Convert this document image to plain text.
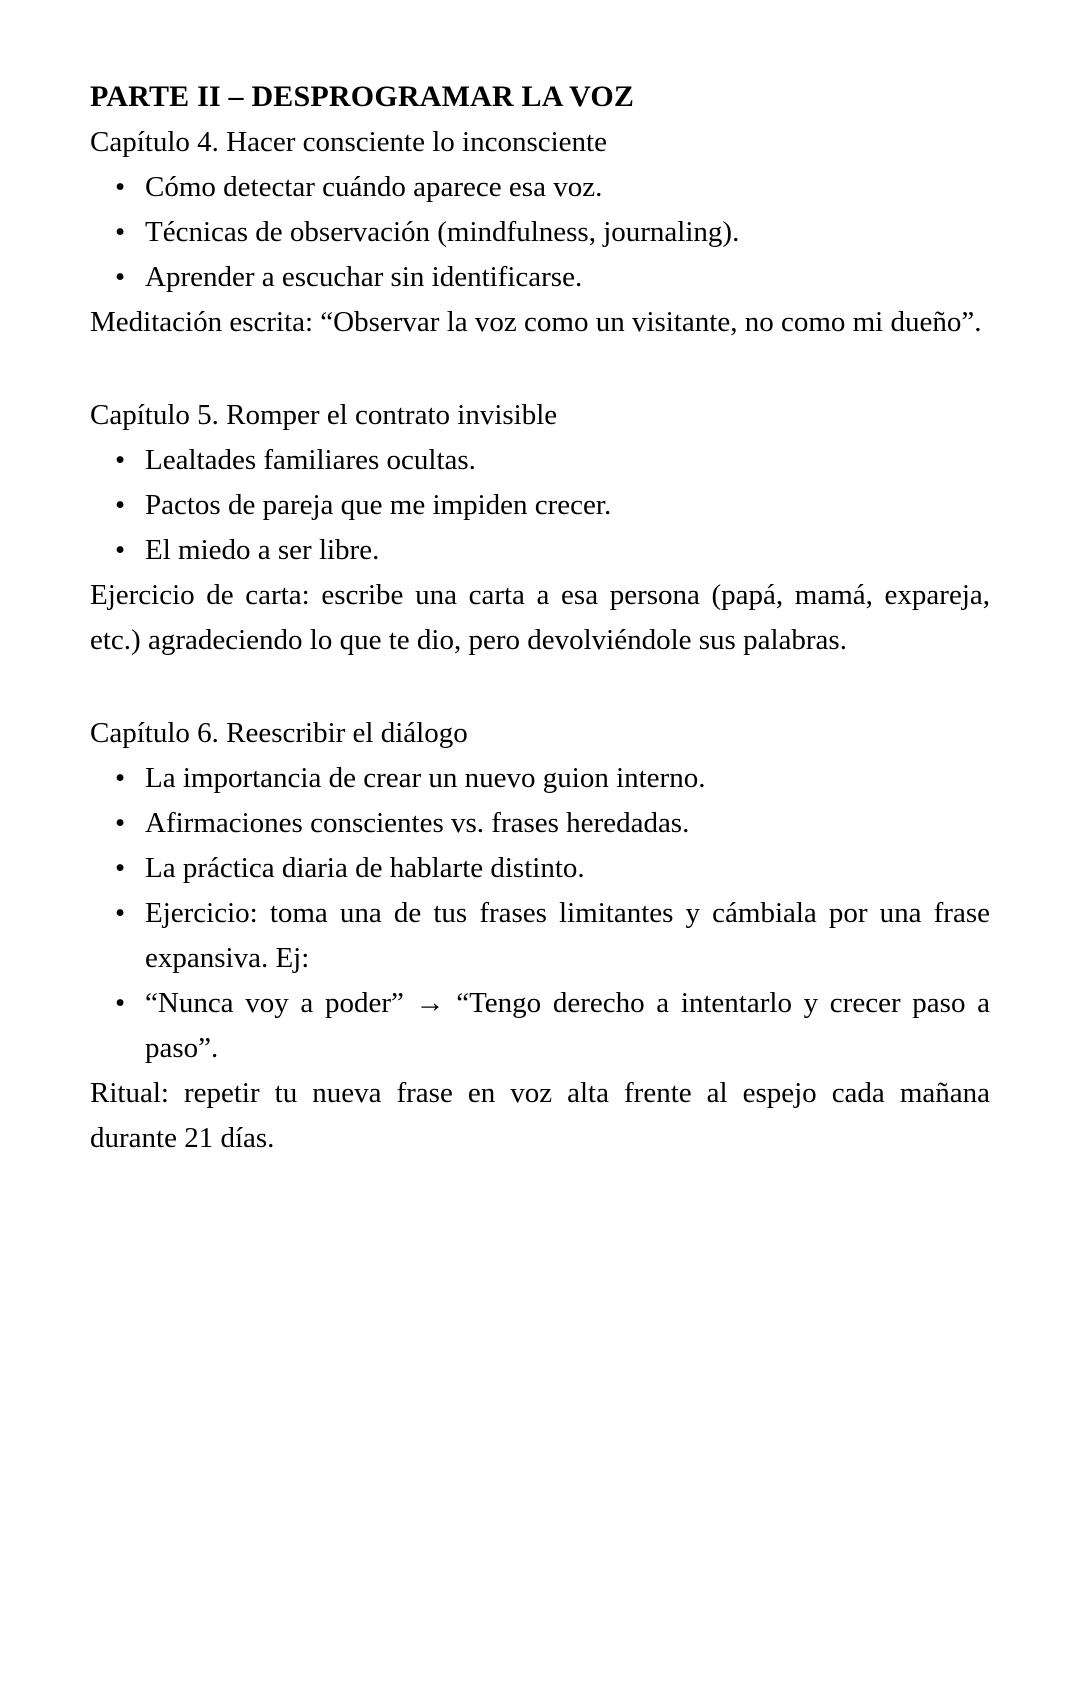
PARTE II – DESPROGRAMAR LA VOZ
Capítulo 4. Hacer consciente lo inconsciente
• Cómo detectar cuándo aparece esa voz.
• Técnicas de observación (mindfulness, journaling).
• Aprender a escuchar sin identificarse.
Meditación escrita: “Observar la voz como un visitante, no como mi dueño”.
Capítulo 5. Romper el contrato invisible
• Lealtades familiares ocultas.
• Pactos de pareja que me impiden crecer.
• El miedo a ser libre.
Ejercicio de carta: escribe una carta a esa persona (papá, mamá, expareja, etc.) agradeciendo lo que te dio, pero devolviéndole sus palabras.
Capítulo 6. Reescribir el diálogo
• La importancia de crear un nuevo guion interno.
• Afirmaciones conscientes vs. frases heredadas.
• La práctica diaria de hablarte distinto.
• Ejercicio: toma una de tus frases limitantes y cámbiala por una frase expansiva. Ej:
• “Nunca voy a poder” → “Tengo derecho a intentarlo y crecer paso a paso”.
Ritual: repetir tu nueva frase en voz alta frente al espejo cada mañana durante 21 días.
